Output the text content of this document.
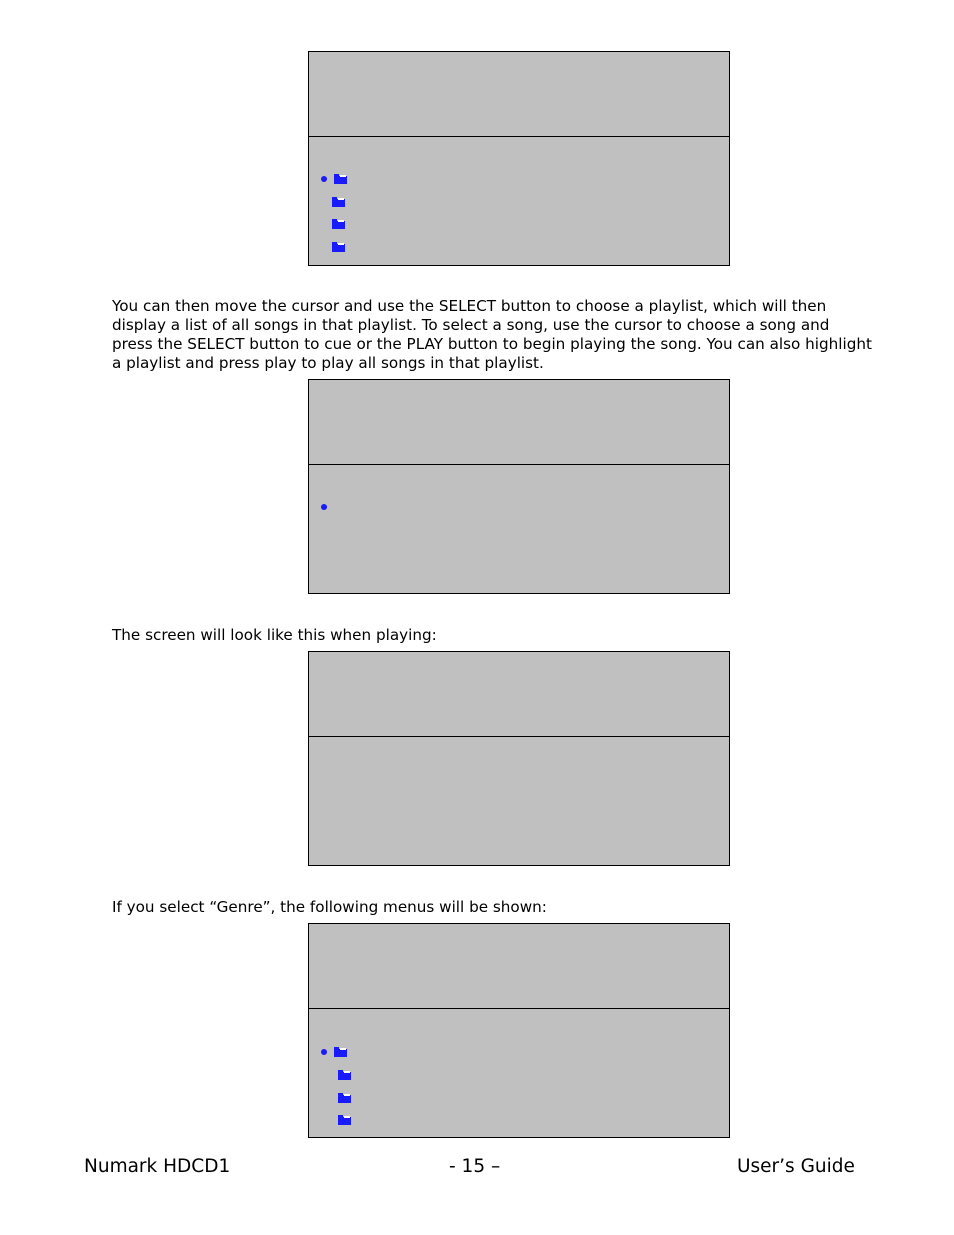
You can then move the cursor and use the SELECT button to choose a playlist, which will then display a list of all songs in that playlist. To select a song, use the cursor to choose a song and press the SELECT button to cue or the PLAY button to begin playing the song. You can also highlight a playlist and press play to play all songs in that playlist.

The screen will look like this when playing:

If you select “Genre”, the following menus will be shown:

Numark HDCD1	- 15 –	User’s Guide
